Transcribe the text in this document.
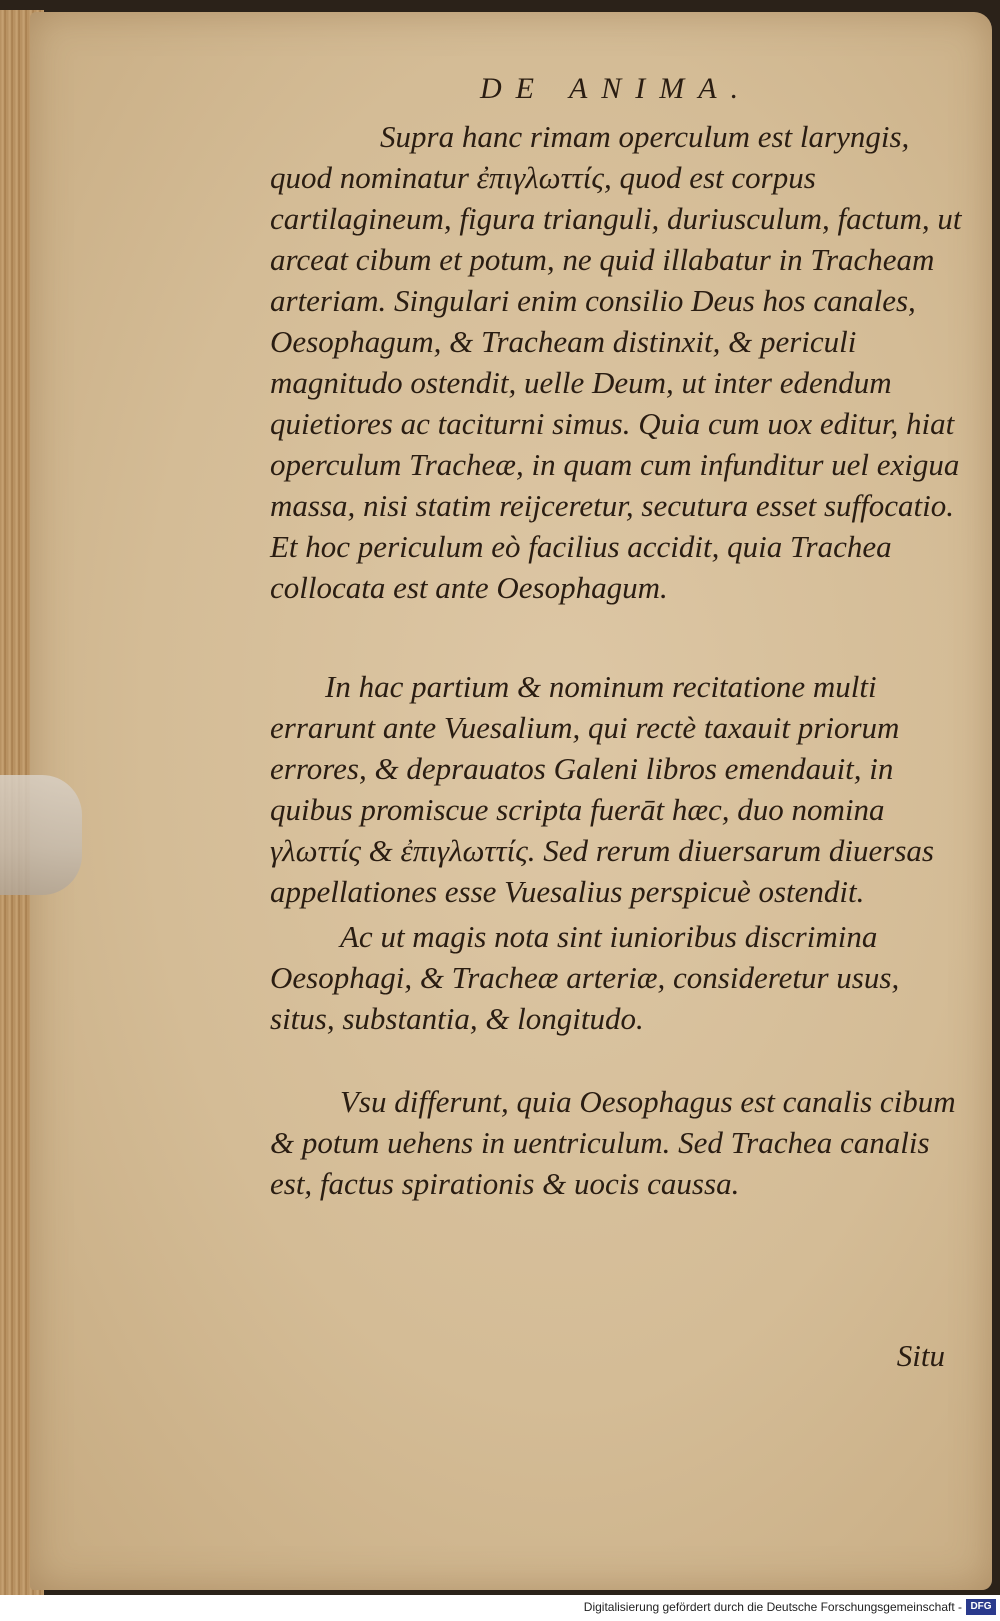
DE ANIMA.

Supra hanc rimam operculum est laryngis, quod nominatur ἐπιγλωττίς, quod est corpus cartilagineum, figura trianguli, duriusculum, factum, ut arceat cibum et potum, ne quid illabatur in Tracheam arteriam. Singulari enim consilio Deus hos canales, Oesophagum, & Tracheam distinxit, & periculi magnitudo ostendit, uelle Deum, ut inter edendum quietiores ac taciturni simus. Quia cum uox editur, hiat operculum Tracheæ, in quam cum infunditur uel exigua massa, nisi statim reijceretur, secutura esset suffocatio. Et hoc periculum eò facilius accidit, quia Trachea collocata est ante Oesophagum.

In hac partium & nominum recitatione multi errarunt ante Vuesalium, qui rectè taxauit priorum errores, & deprauatos Galeni libros emendauit, in quibus promiscue scripta fuerāt hæc, duo nomina γλωττίς & ἐπιγλωττίς. Sed rerum diuersarum diuersas appellationes esse Vuesalius perspicuè ostendit.

Ac ut magis nota sint iunioribus discrimina Oesophagi, & Tracheæ arteriæ, consideretur usus, situs, substantia, & longitudo.

Vsu differunt, quia Oesophagus est canalis cibum & potum uehens in uentriculum. Sed Trachea canalis est, factus spirationis & uocis caussa.

Situ
Digitalisierung gefördert durch die Deutsche Forschungsgemeinschaft - DFG
